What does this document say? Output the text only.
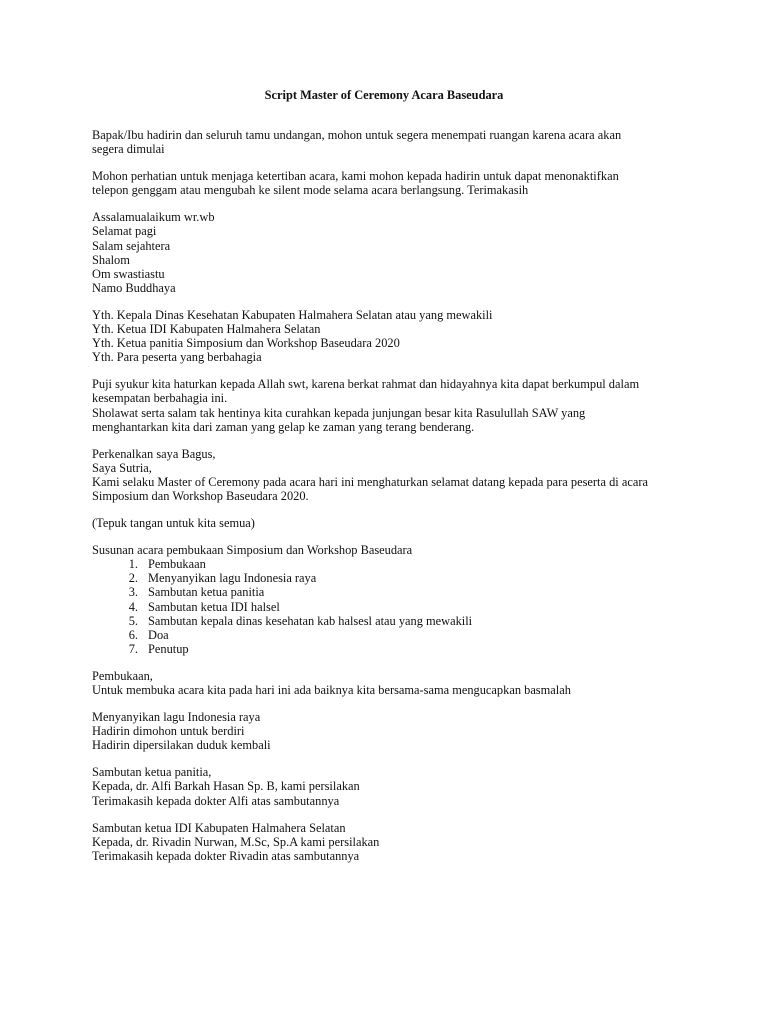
Script Master of Ceremony Acara Baseudara
Bapak/Ibu hadirin dan seluruh tamu undangan, mohon untuk segera menempati ruangan karena acara akan
segera dimulai
Mohon perhatian untuk menjaga ketertiban acara, kami mohon kepada hadirin untuk dapat menonaktifkan
telepon genggam atau mengubah ke silent mode selama acara berlangsung. Terimakasih
Assalamualaikum wr.wb
Selamat pagi
Salam sejahtera
Shalom
Om swastiastu
Namo Buddhaya
Yth. Kepala Dinas Kesehatan Kabupaten Halmahera Selatan atau yang mewakili
Yth. Ketua IDI Kabupaten Halmahera Selatan
Yth. Ketua panitia Simposium dan Workshop Baseudara 2020
Yth. Para peserta yang berbahagia
Puji syukur kita haturkan kepada Allah swt, karena berkat rahmat dan hidayahnya kita dapat berkumpul dalam
kesempatan berbahagia ini.
Sholawat serta salam tak hentinya kita curahkan kepada junjungan besar kita Rasulullah SAW yang
menghantarkan kita dari zaman yang gelap ke zaman yang terang benderang.
Perkenalkan saya Bagus,
Saya Sutria,
Kami selaku Master of Ceremony pada acara hari ini menghaturkan selamat datang kepada para peserta di acara
Simposium dan Workshop Baseudara 2020.
(Tepuk tangan untuk kita semua)
Susunan acara pembukaan Simposium dan Workshop Baseudara
1. Pembukaan
2. Menyanyikan lagu Indonesia raya
3. Sambutan ketua panitia
4. Sambutan ketua IDI halsel
5. Sambutan kepala dinas kesehatan kab halsesl atau yang mewakili
6. Doa
7. Penutup
Pembukaan,
Untuk membuka acara kita pada hari ini ada baiknya kita bersama-sama mengucapkan basmalah
Menyanyikan lagu Indonesia raya
Hadirin dimohon untuk berdiri
Hadirin dipersilakan duduk kembali
Sambutan ketua panitia,
Kepada, dr. Alfi Barkah Hasan Sp. B, kami persilakan
Terimakasih kepada dokter Alfi atas sambutannya
Sambutan ketua IDI Kabupaten Halmahera Selatan
Kepada, dr. Rivadin Nurwan, M.Sc, Sp.A kami persilakan
Terimakasih kepada dokter Rivadin atas sambutannya
